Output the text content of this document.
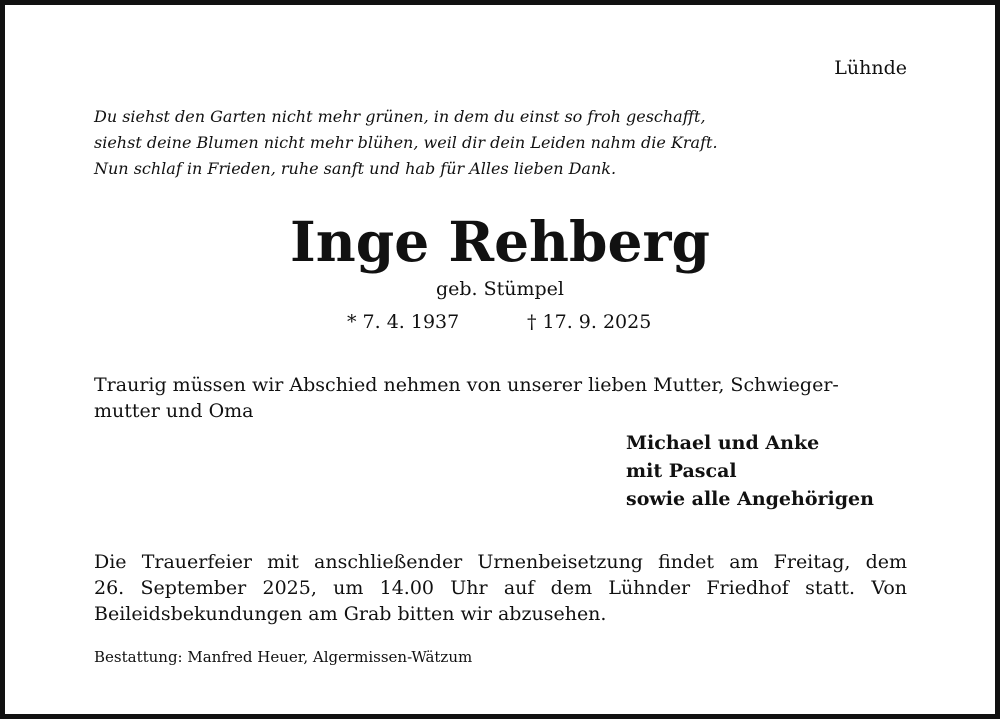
Lühnde
Du siehst den Garten nicht mehr grünen, in dem du einst so froh geschafft,
siehst deine Blumen nicht mehr blühen, weil dir dein Leiden nahm die Kraft.
Nun schlaf in Frieden, ruhe sanft und hab für Alles lieben Dank.
Inge Rehberg
geb. Stümpel
* 7. 4. 1937	† 17. 9. 2025
Traurig müssen wir Abschied nehmen von unserer lieben Mutter, Schwieger-
mutter und Oma
Michael und Anke
mit Pascal
sowie alle Angehörigen
Die Trauerfeier mit anschließender Urnenbeisetzung findet am Freitag, dem
26. September 2025, um 14.00 Uhr auf dem Lühnder Friedhof statt. Von
Beileidsbekundungen am Grab bitten wir abzusehen.
Bestattung: Manfred Heuer, Algermissen-Wätzum
